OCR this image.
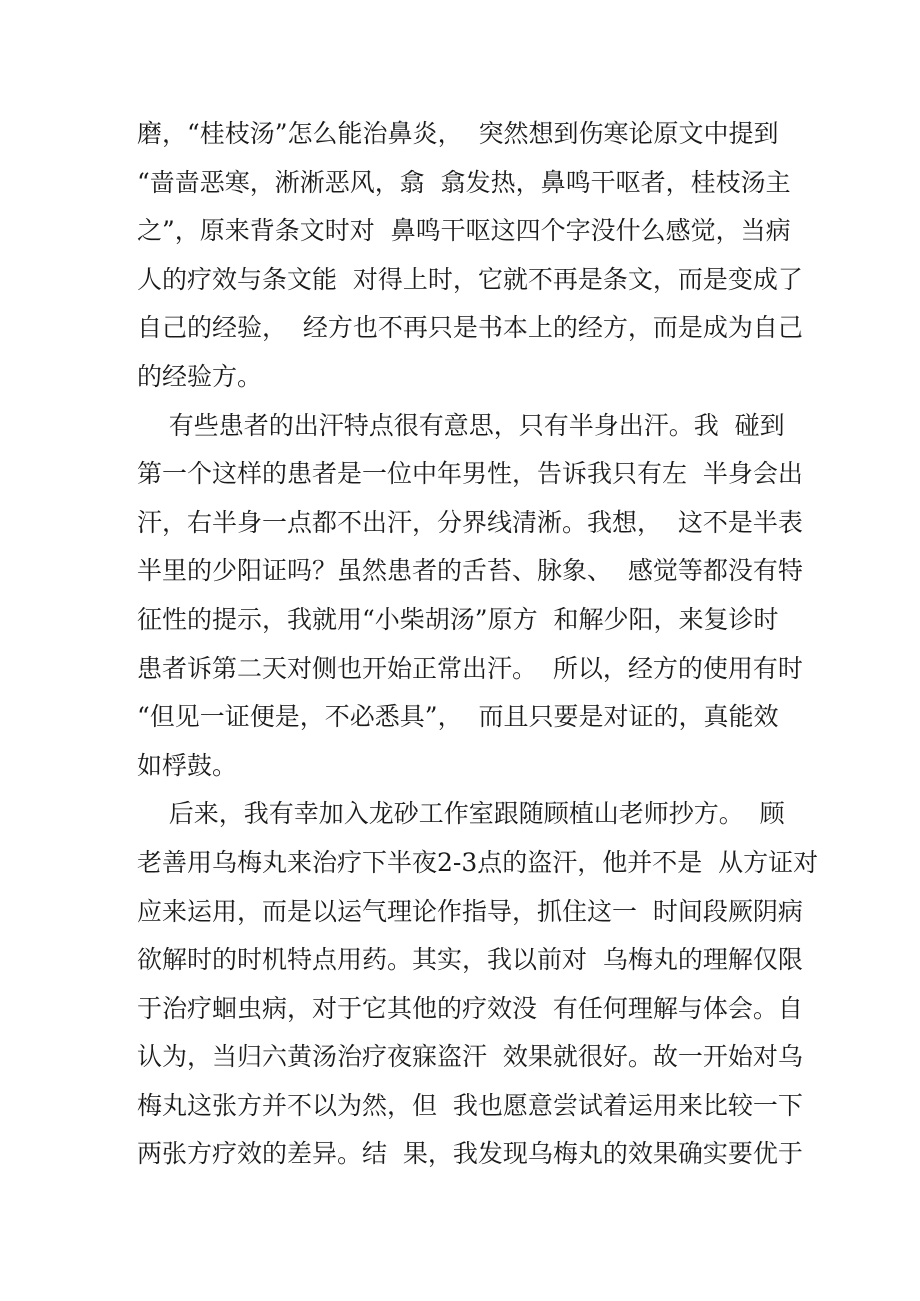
磨，“桂枝汤”怎么能治鼻炎，  突然想到伤寒论原文中提到
“啬啬恶寒，淅淅恶风，翕  翕发热，鼻鸣干呕者，桂枝汤主
之”，原来背条文时对  鼻鸣干呕这四个字没什么感觉，当病
人的疗效与条文能  对得上时，它就不再是条文，而是变成了
自己的经验，  经方也不再只是书本上的经方，而是成为自己
的经验方。
有些患者的出汗特点很有意思，只有半身出汗。我  碰到
第一个这样的患者是一位中年男性，告诉我只有左  半身会出
汗，右半身一点都不出汗，分界线清淅。我想，  这不是半表
半里的少阳证吗？虽然患者的舌苔、脉象、  感觉等都没有特
征性的提示，我就用“小柴胡汤”原方  和解少阳，来复诊时
患者诉第二天对侧也开始正常出汗。  所以，经方的使用有时
“但见一证便是，不必悉具”，  而且只要是对证的，真能效
如桴鼓。
后来，我有幸加入龙砂工作室跟随顾植山老师抄方。  顾
老善用乌梅丸来治疗下半夜2-3点的盗汗，他并不是  从方证对
应来运用，而是以运气理论作指导，抓住这一  时间段厥阴病
欲解时的时机特点用药。其实，我以前对  乌梅丸的理解仅限
于治疗蛔虫病，对于它其他的疗效没  有任何理解与体会。自
认为，当归六黄汤治疗夜寐盗汗  效果就很好。故一开始对乌
梅丸这张方并不以为然，但  我也愿意尝试着运用来比较一下
两张方疗效的差异。结  果，我发现乌梅丸的效果确实要优于
